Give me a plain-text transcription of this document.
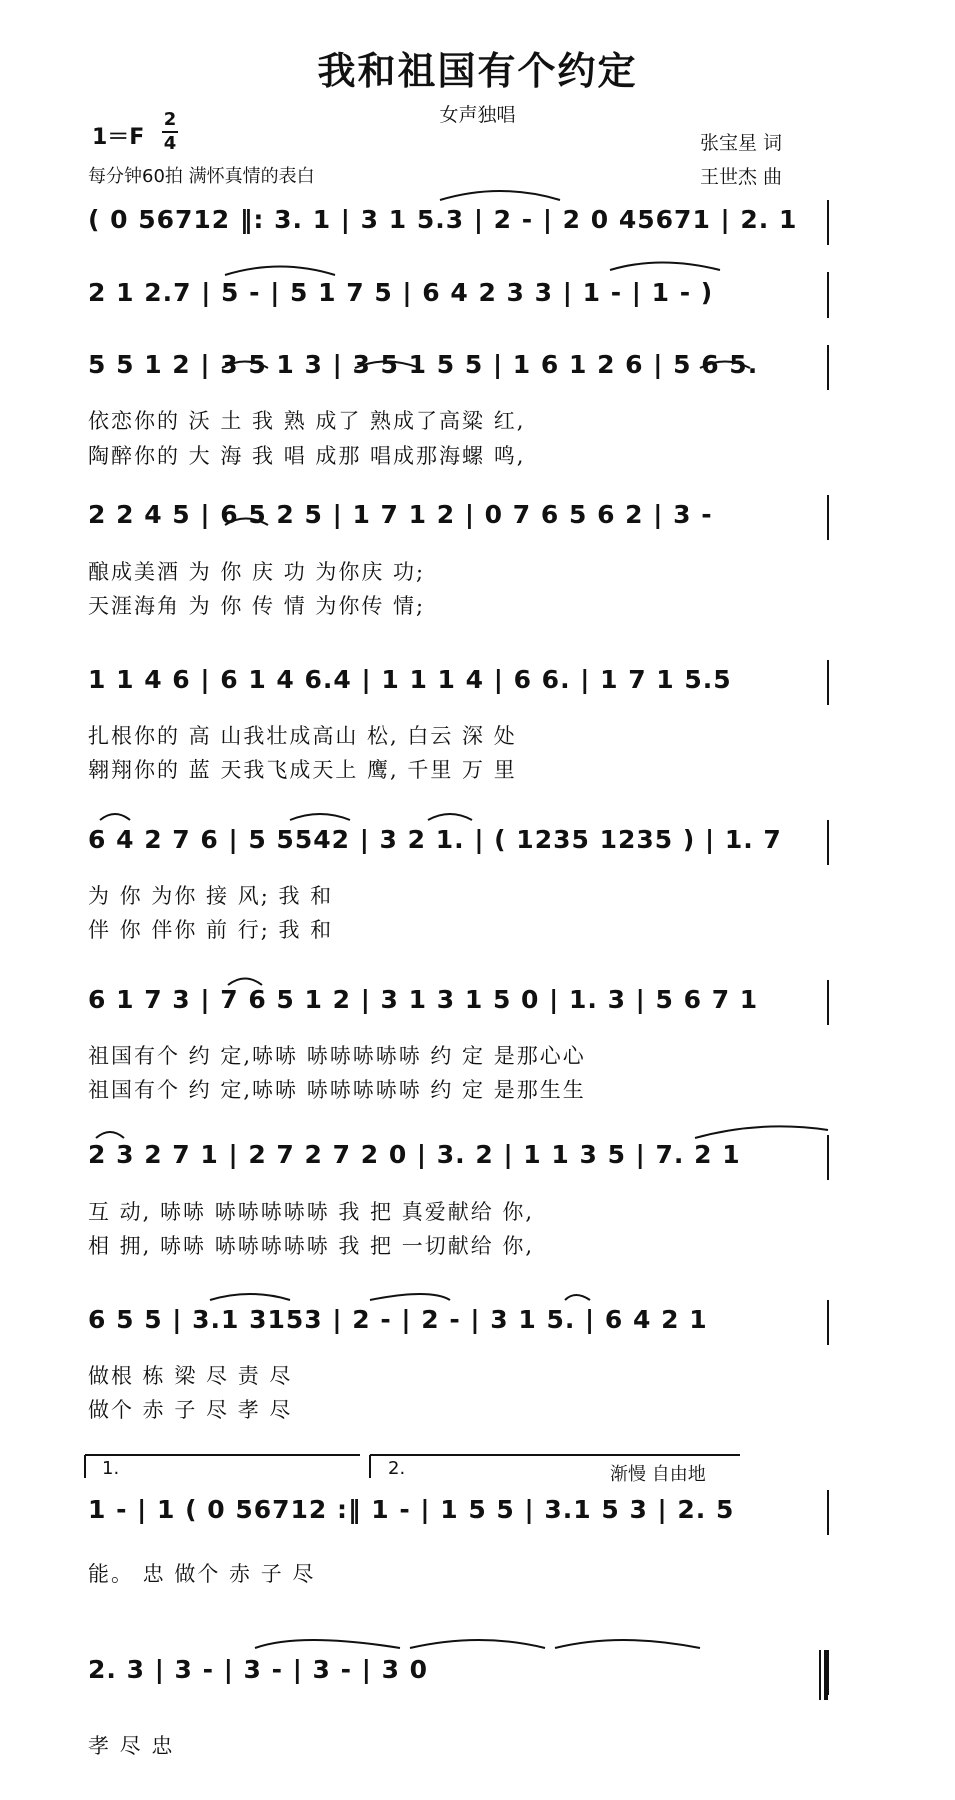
我和祖国有个约定
女声独唱
1＝F
2
4
每分钟60拍 满怀真情的表白
张宝星 词
王世杰 曲
( 0 56712 ‖: 3. 1 | 3 1 5.3 | 2 - | 2 0 45671 | 2. 1
2 1 2.7 | 5 - | 5 1 7 5 | 6 4 2 3 3 | 1 - | 1 - )
5 5 1 2 | 3 5 1 3 | 3 5 1 5 5 | 1 6 1 2 6 | 5 6 5.
依恋你的 沃 土 我 熟 成了 熟成了高粱 红,
陶醉你的 大 海 我 唱 成那 唱成那海螺 鸣,
2 2 4 5 | 6 5 2 5 | 1 7 1 2 | 0 7 6 5 6 2 | 3 -
酿成美酒 为 你 庆 功 为你庆 功;
天涯海角 为 你 传 情 为你传 情;
1 1 4 6 | 6 1 4 6.4 | 1 1 1 4 | 6 6. | 1 7 1 5.5
扎根你的 高 山我壮成高山 松, 白云 深 处
翱翔你的 蓝 天我飞成天上 鹰, 千里 万 里
6 4 2 7 6 | 5 5542 | 3 2 1. | ( 1235 1235 ) | 1. 7
为 你 为你 接 风; 我 和
伴 你 伴你 前 行; 我 和
6 1 7 3 | 7 6 5 1 2 | 3 1 3 1 5 0 | 1. 3 | 5 6 7 1
祖国有个 约 定,哧哧 哧哧哧哧哧 约 定 是那心心
祖国有个 约 定,哧哧 哧哧哧哧哧 约 定 是那生生
2 3 2 7 1 | 2 7 2 7 2 0 | 3. 2 | 1 1 3 5 | 7. 2 1
互 动, 哧哧 哧哧哧哧哧 我 把 真爱献给 你,
相 拥, 哧哧 哧哧哧哧哧 我 把 一切献给 你,
6 5 5 | 3.1 3153 | 2 - | 2 - | 3 1 5. | 6 4 2 1
做根 栋 梁 尽 责 尽
做个 赤 子 尽 孝 尽
1.	2.	渐慢 自由地
1 - | 1 ( 0 56712 :‖ 1 - | 1 5 5 | 3.1 5 3 | 2. 5
能。 忠 做个 赤 子 尽
2. 3 | 3 - | 3 - | 3 - | 3 0
孝 尽 忠
